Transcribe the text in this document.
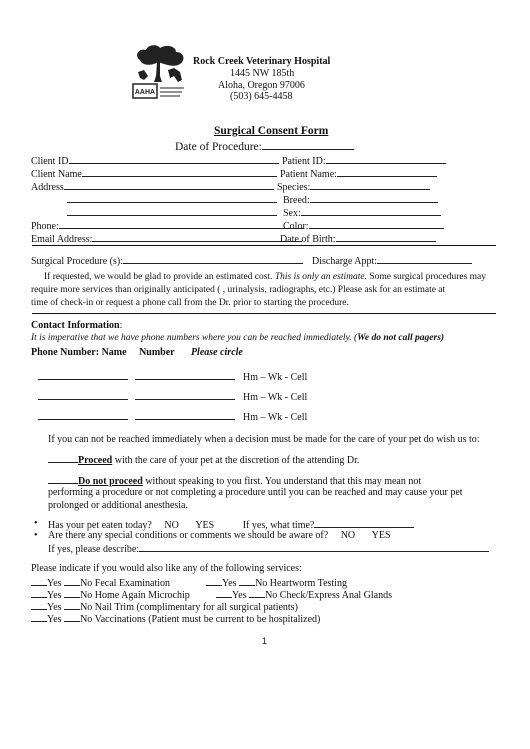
AAHA
Rock Creek Veterinary Hospital
1445 NW 185th
Aloha, Oregon 97006
(503) 645-4458
Surgical Consent Form
Date of Procedure:
Client ID	Patient ID:
Client Name	Patient Name:
Address	Species:
Breed:
Sex:
Phone:	Color:
Email Address:	Date of Birth:
Surgical Procedure (s):	Discharge Appt:
If requested, we would be glad to provide an estimated cost. This is only an estimate. Some surgical procedures may
require more services than originally anticipated ( , urinalysis, radiographs, etc.) Please ask for an estimate at
time of check-in or request a phone call from the Dr. prior to starting the procedure.
Contact Information:
It is imperative that we have phone numbers where you can be reached immediately. (We do not call pagers)
Phone Number: Name Number Please circle
Hm – Wk - Cell
Hm – Wk - Cell
Hm – Wk - Cell
If you can not be reached immediately when a decision must be made for the care of your pet do wish us to:
Proceed with the care of your pet at the discretion of the attending Dr.
Do not proceed without speaking to you first. You understand that this may mean not
performing a procedure or not completing a procedure until you can be reached and may cause your pet
prolonged or additional anesthesia.
• Has your pet eaten today? NO YES	If yes, what time?
• Are there any special conditions or comments we should be aware of? NO YES
If yes, please describe:
Please indicate if you would also like any of the following services:
Yes No Fecal Examination	Yes No Heartworm Testing
Yes No Home Again Microchip	Yes No Check/Express Anal Glands
Yes No Nail Trim (complimentary for all surgical patients)
Yes No Vaccinations (Patient must be current to be hospitalized)
1
